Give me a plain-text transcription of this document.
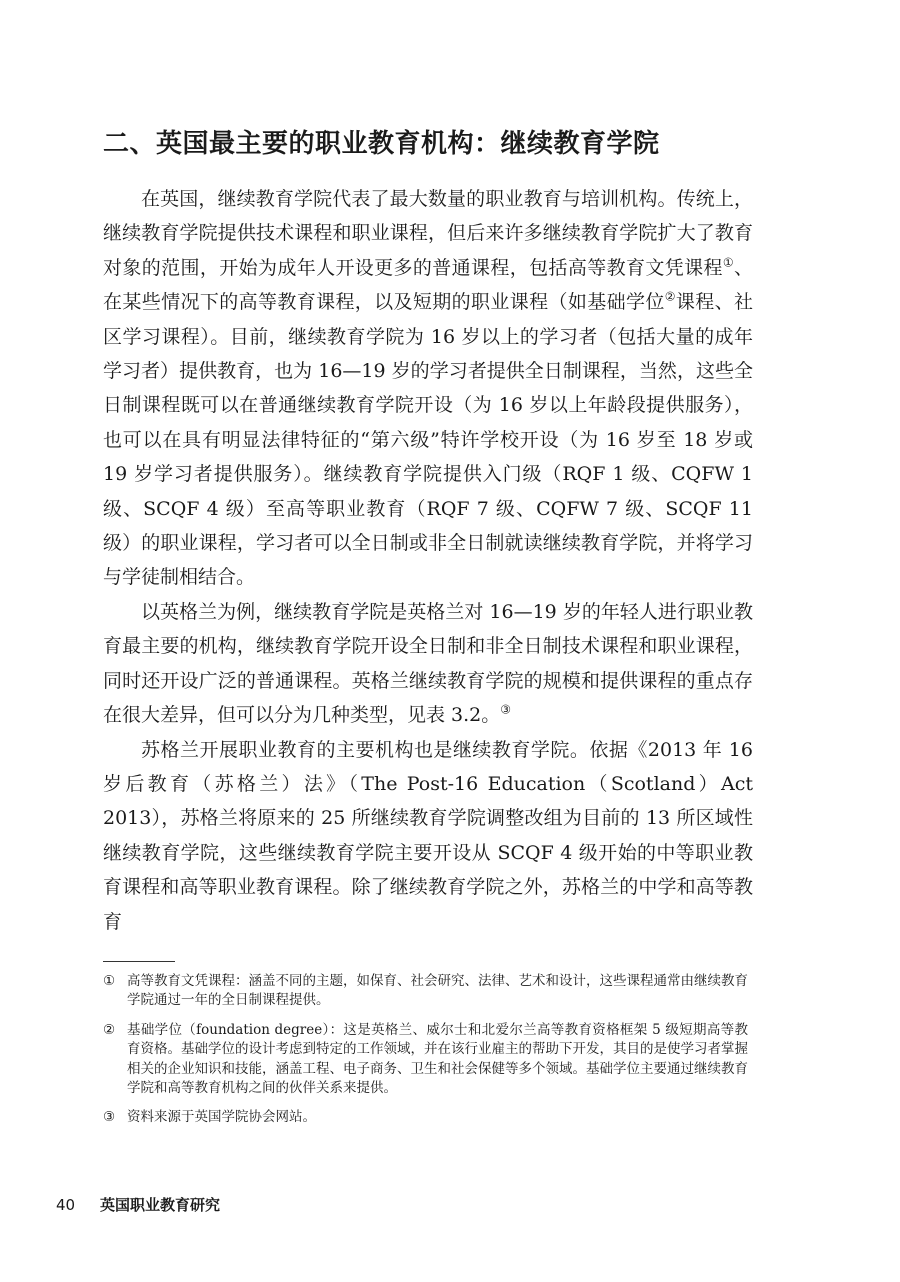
二、英国最主要的职业教育机构：继续教育学院

在英国，继续教育学院代表了最大数量的职业教育与培训机构。传统上，继续教育学院提供技术课程和职业课程，但后来许多继续教育学院扩大了教育对象的范围，开始为成年人开设更多的普通课程，包括高等教育文凭课程①、在某些情况下的高等教育课程，以及短期的职业课程（如基础学位②课程、社区学习课程）。目前，继续教育学院为 16 岁以上的学习者（包括大量的成年学习者）提供教育，也为 16—19 岁的学习者提供全日制课程，当然，这些全日制课程既可以在普通继续教育学院开设（为 16 岁以上年龄段提供服务），也可以在具有明显法律特征的“第六级”特许学校开设（为 16 岁至 18 岁或 19 岁学习者提供服务）。继续教育学院提供入门级（RQF 1 级、CQFW 1 级、SCQF 4 级）至高等职业教育（RQF 7 级、CQFW 7 级、SCQF 11 级）的职业课程，学习者可以全日制或非全日制就读继续教育学院，并将学习与学徒制相结合。

以英格兰为例，继续教育学院是英格兰对 16—19 岁的年轻人进行职业教育最主要的机构，继续教育学院开设全日制和非全日制技术课程和职业课程，同时还开设广泛的普通课程。英格兰继续教育学院的规模和提供课程的重点存在很大差异，但可以分为几种类型，见表 3.2。③

苏格兰开展职业教育的主要机构也是继续教育学院。依据《2013 年 16 岁后教育（苏格兰）法》（The Post-16 Education（Scotland）Act 2013），苏格兰将原来的 25 所继续教育学院调整改组为目前的 13 所区域性继续教育学院，这些继续教育学院主要开设从 SCQF 4 级开始的中等职业教育课程和高等职业教育课程。除了继续教育学院之外，苏格兰的中学和高等教育

① 高等教育文凭课程：涵盖不同的主题，如保育、社会研究、法律、艺术和设计，这些课程通常由继续教育学院通过一年的全日制课程提供。
② 基础学位（foundation degree）：这是英格兰、威尔士和北爱尔兰高等教育资格框架 5 级短期高等教育资格。基础学位的设计考虑到特定的工作领域，并在该行业雇主的帮助下开发，其目的是使学习者掌握相关的企业知识和技能，涵盖工程、电子商务、卫生和社会保健等多个领域。基础学位主要通过继续教育学院和高等教育机构之间的伙伴关系来提供。
③ 资料来源于英国学院协会网站。
40 英国职业教育研究
